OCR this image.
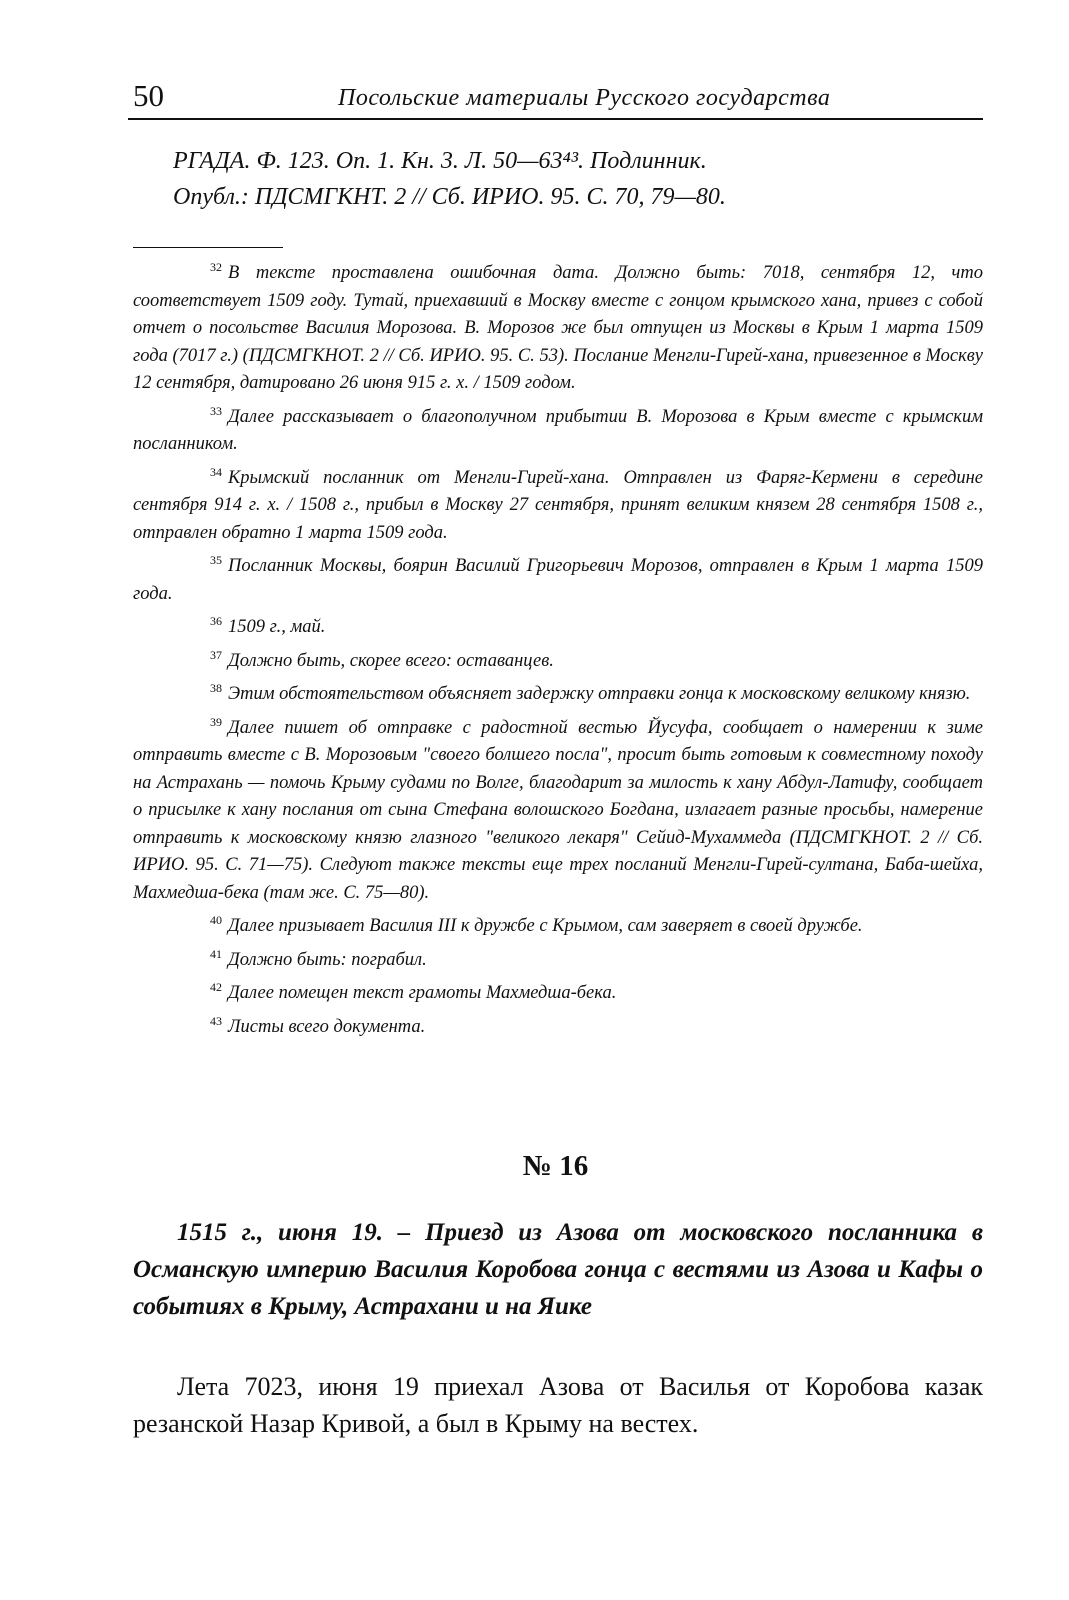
50	Посольские материалы Русского государства
РГАДА. Ф. 123. Оп. 1. Кн. 3. Л. 50—63⁴³. Подлинник.
Опубл.: ПДСМГКНТ. 2 // Сб. ИРИО. 95. С. 70, 79—80.

$^{32}$ В тексте проставлена ошибочная дата. Должно быть: 7018, сентября 12, что соответствует 1509 году. Тутай, приехавший в Москву вместе с гонцом крымского хана, привез с собой отчет о посольстве Василия Морозова. В. Морозов же был отпущен из Москвы в Крым 1 марта 1509 года (7017 г.) (ПДСМГКНОТ. 2 // Сб. ИРИО. 95. С. 53). Послание Менгли-Гирей-хана, привезенное в Москву 12 сентября, датировано 26 июня 915 г. х. / 1509 годом.

$^{33}$ Далее рассказывает о благополучном прибытии В. Морозова в Крым вместе с крымским посланником.

$^{34}$ Крымский посланник от Менгли-Гирей-хана. Отправлен из Фаряг-Кермени в середине сентября 914 г. х. / 1508 г., прибыл в Москву 27 сентября, принят великим князем 28 сентября 1508 г., отправлен обратно 1 марта 1509 года.

$^{35}$ Посланник Москвы, боярин Василий Григорьевич Морозов, отправлен в Крым 1 марта 1509 года.

$^{36}$ 1509 г., май.

$^{37}$ Должно быть, скорее всего: оставанцев.

$^{38}$ Этим обстоятельством объясняет задержку отправки гонца к московскому великому князю.

$^{39}$ Далее пишет об отправке с радостной вестью Йусуфа, сообщает о намерении к зиме отправить вместе с В. Морозовым "своего болшего посла", просит быть готовым к совместному походу на Астрахань — помочь Крыму судами по Волге, благодарит за милость к хану Абдул-Латифу, сообщает о присылке к хану послания от сына Стефана волошского Богдана, излагает разные просьбы, намерение отправить к московскому князю глазного "великого лекаря" Сейид-Мухаммеда (ПДСМГКНОТ. 2 // Сб. ИРИО. 95. С. 71—75). Следуют также тексты еще трех посланий Менгли-Гирей-султана, Баба-шейха, Махмедша-бека (там же. С. 75—80).

$^{40}$ Далее призывает Василия III к дружбе с Крымом, сам заверяет в своей дружбе.

$^{41}$ Должно быть: пограбил.

$^{42}$ Далее помещен текст грамоты Махмедша-бека.

$^{43}$ Листы всего документа.

№ 16
1515 г., июня 19. – Приезд из Азова от московского посланника в Османскую империю Василия Коробова гонца с вестями из Азова и Кафы о событиях в Крыму, Астрахани и на Яике
Лета 7023, июня 19 приехал Азова от Василья от Коробова казак резанской Назар Кривой, а был в Крыму на вестех.
